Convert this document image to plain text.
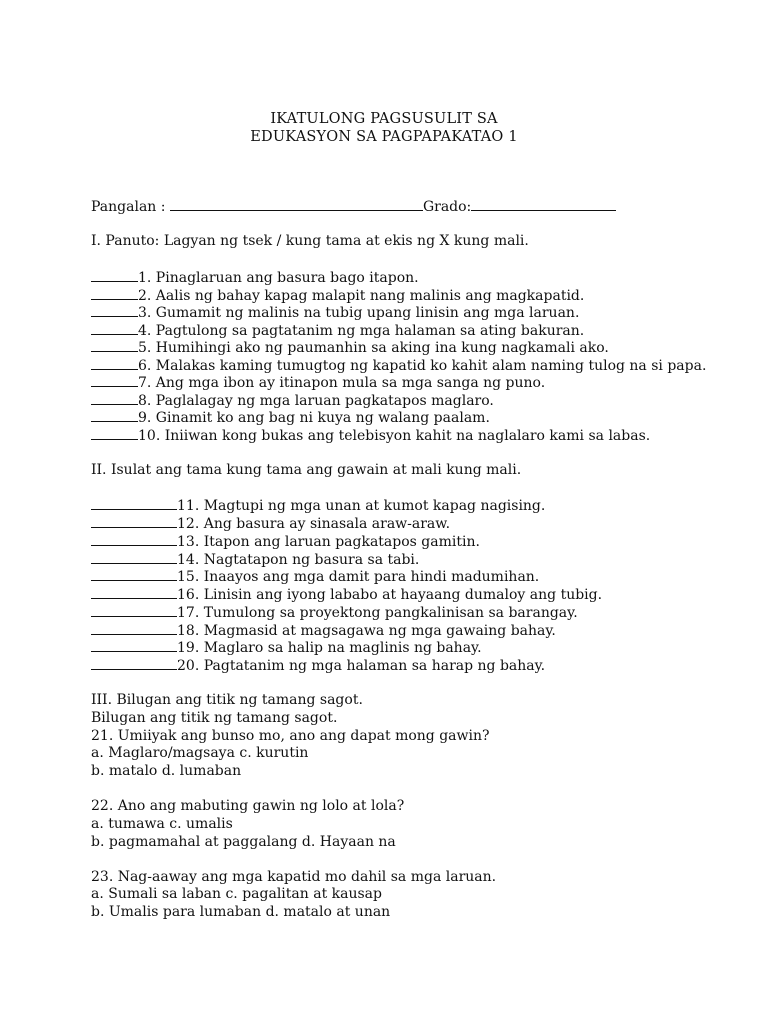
IKATULONG PAGSUSULIT SA
EDUKASYON SA PAGPAPAKATAO 1
Pangalan :	Grado:
I. Panuto: Lagyan ng tsek / kung tama at ekis ng X kung mali.
1. Pinaglaruan ang basura bago itapon.
2. Aalis ng bahay kapag malapit nang malinis ang magkapatid.
3. Gumamit ng malinis na tubig upang linisin ang mga laruan.
4. Pagtulong sa pagtatanim ng mga halaman sa ating bakuran.
5. Humihingi ako ng paumanhin sa aking ina kung nagkamali ako.
6. Malakas kaming tumugtog ng kapatid ko kahit alam naming tulog na si papa.
7. Ang mga ibon ay itinapon mula sa mga sanga ng puno.
8. Paglalagay ng mga laruan pagkatapos maglaro.
9. Ginamit ko ang bag ni kuya ng walang paalam.
10. Iniiwan kong bukas ang telebisyon kahit na naglalaro kami sa labas.
II. Isulat ang tama kung tama ang gawain at mali kung mali.
11. Magtupi ng mga unan at kumot kapag nagising.
12. Ang basura ay sinasala araw-araw.
13. Itapon ang laruan pagkatapos gamitin.
14. Nagtatapon ng basura sa tabi.
15. Inaayos ang mga damit para hindi madumihan.
16. Linisin ang iyong lababo at hayaang dumaloy ang tubig.
17. Tumulong sa proyektong pangkalinisan sa barangay.
18. Magmasid at magsagawa ng mga gawaing bahay.
19. Maglaro sa halip na maglinis ng bahay.
20. Pagtatanim ng mga halaman sa harap ng bahay.
III. Bilugan ang titik ng tamang sagot.
Bilugan ang titik ng tamang sagot.
21. Umiiyak ang bunso mo, ano ang dapat mong gawin?
a. Maglaro/magsaya c. kurutin
b. matalo d. lumaban
22. Ano ang mabuting gawin ng lolo at lola?
a. tumawa c. umalis
b. pagmamahal at paggalang d. Hayaan na
23. Nag-aaway ang mga kapatid mo dahil sa mga laruan.
a. Sumali sa laban c. pagalitan at kausap
b. Umalis para lumaban d. matalo at unan
